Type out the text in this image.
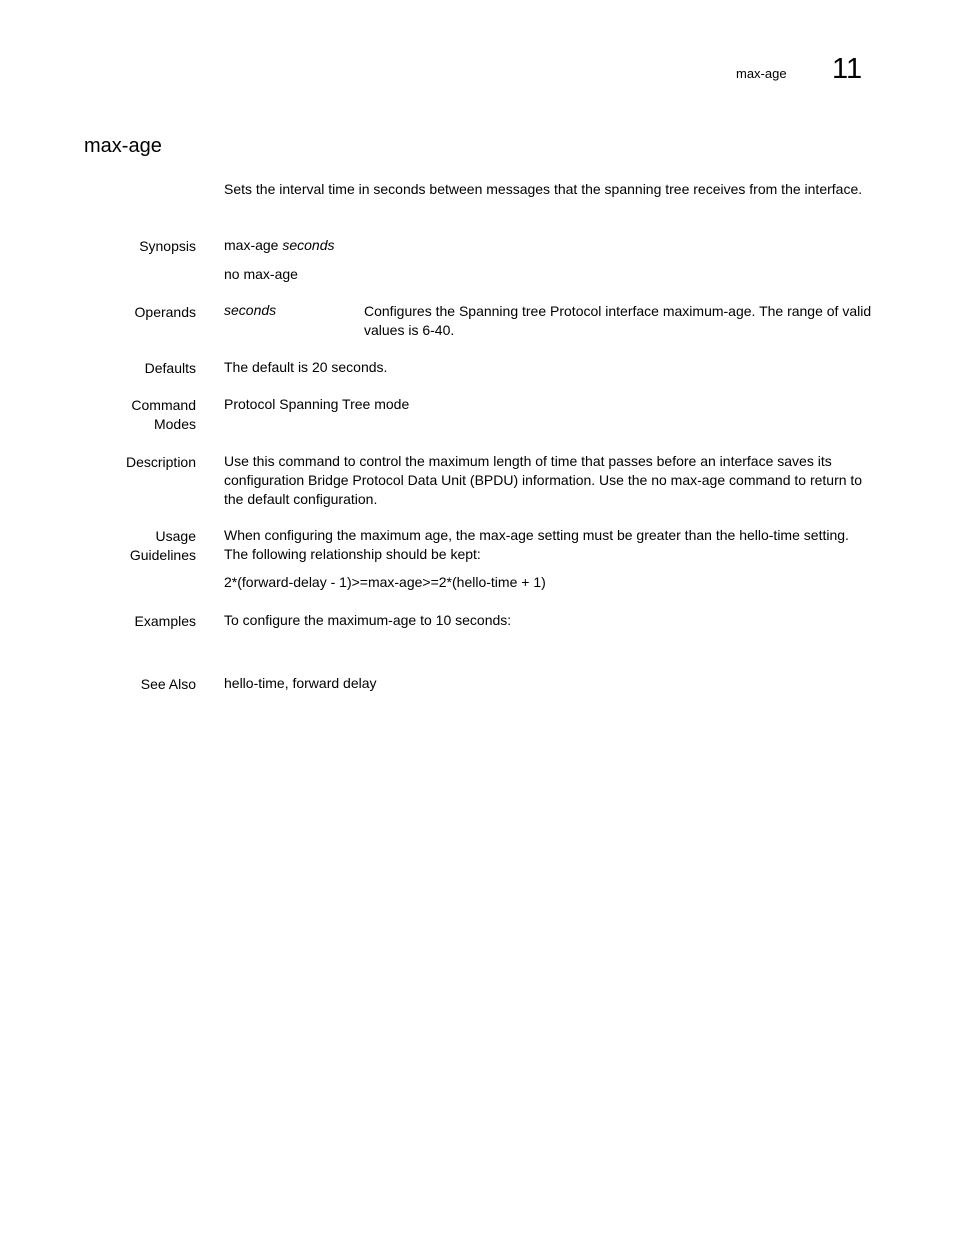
max-age 11
max-age
Sets the interval time in seconds between messages that the spanning tree receives from the interface.
Synopsis max-age seconds
no max-age
Operands seconds	Configures the Spanning tree Protocol interface maximum-age. The range of valid values is 6-40.
Defaults The default is 20 seconds.
Command
Modes
Protocol Spanning Tree mode
Description Use this command to control the maximum length of time that passes before an interface saves its configuration Bridge Protocol Data Unit (BPDU) information. Use the no max-age command to return to the default configuration.
Usage
Guidelines
When configuring the maximum age, the max-age setting must be greater than the hello-time setting. The following relationship should be kept:
2*(forward-delay - 1)>=max-age>=2*(hello-time + 1)
Examples To configure the maximum-age to 10 seconds:
See Also hello-time, forward delay
